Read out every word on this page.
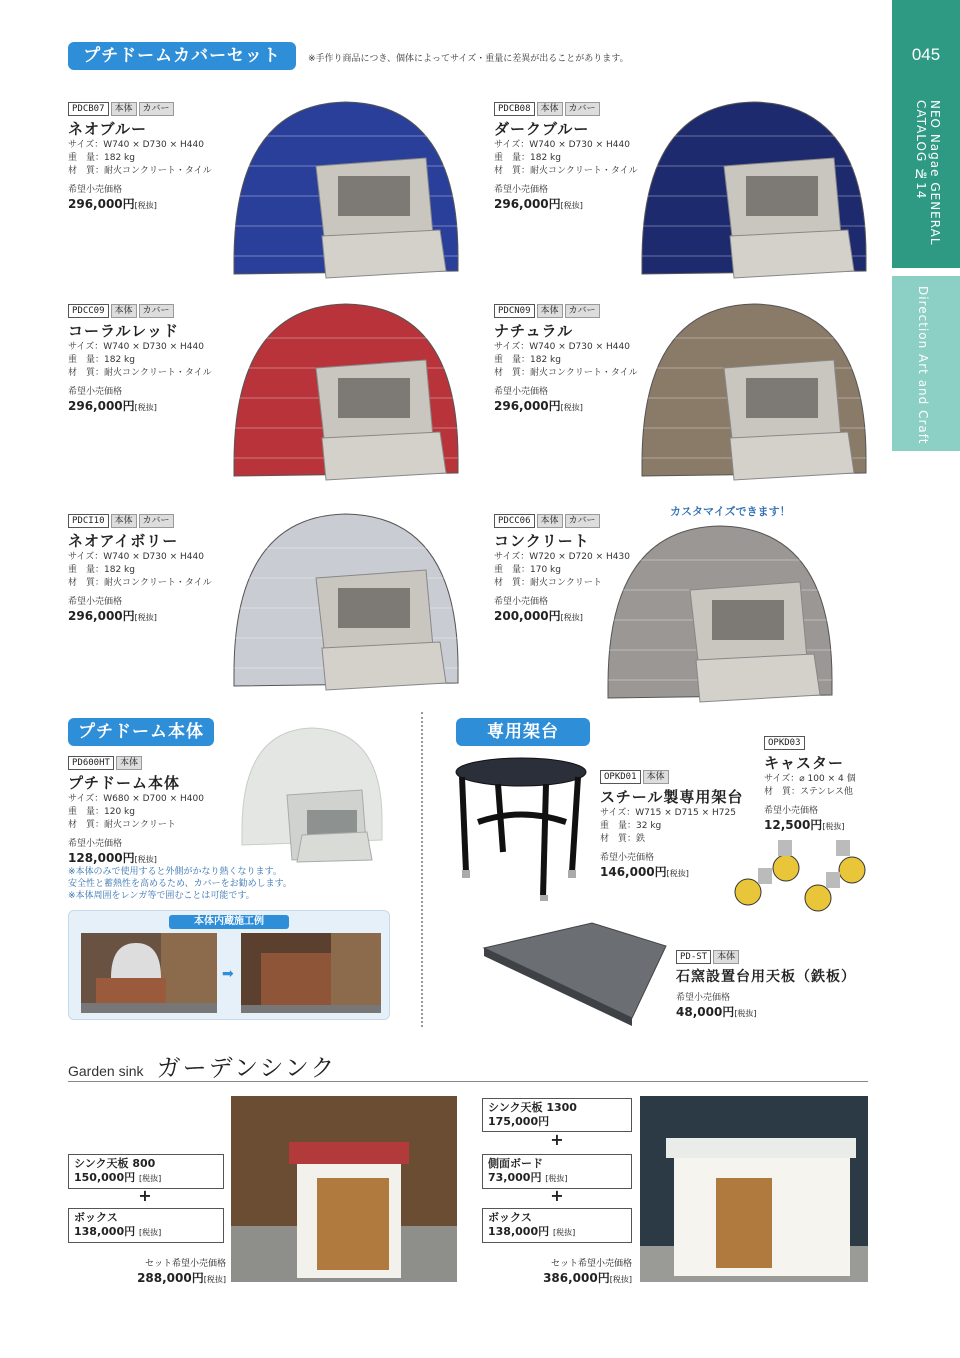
045
NEO Nagae GENERAL CATALOG №14
Direction Art and Craft
プチドームカバーセット	※手作り商品につき、個体によってサイズ・重量に差異が出ることがあります。
PDCB07 本体 カバー
ネオブルー
サイズ：W740 × D730 × H440
重　量：182 kg
材　質：耐火コンクリート・タイル
希望小売価格
296,000円[税抜]
PDCB08 本体 カバー
ダークブルー
サイズ：W740 × D730 × H440
重　量：182 kg
材　質：耐火コンクリート・タイル
希望小売価格
296,000円[税抜]
PDCC09 本体 カバー
コーラルレッド
サイズ：W740 × D730 × H440
重　量：182 kg
材　質：耐火コンクリート・タイル
希望小売価格
296,000円[税抜]
PDCN09 本体 カバー
ナチュラル
サイズ：W740 × D730 × H440
重　量：182 kg
材　質：耐火コンクリート・タイル
希望小売価格
296,000円[税抜]
PDCI10 本体 カバー
ネオアイボリー
サイズ：W740 × D730 × H440
重　量：182 kg
材　質：耐火コンクリート・タイル
希望小売価格
296,000円[税抜]
PDCC06 本体 カバー
コンクリート
サイズ：W720 × D720 × H430
重　量：170 kg
材　質：耐火コンクリート
希望小売価格
200,000円[税抜]
カスタマイズできます！
プチドーム本体
PD600HT 本体
プチドーム本体
サイズ：W680 × D700 × H400
重　量：120 kg
材　質：耐火コンクリート
希望小売価格
128,000円[税抜]
※本体のみで使用すると外側がかなり熱くなります。
安全性と蓄熱性を高めるため、カバーをお勧めします。
※本体周囲をレンガ等で囲むことは可能です。
本体内蔵施工例
➡
専用架台
OPKD01 本体
スチール製専用架台
サイズ：W715 × D715 × H725
重　量：32 kg
材　質：鉄
希望小売価格
146,000円[税抜]
OPKD03
キャスター
サイズ：⌀ 100 × 4 個
材　質：ステンレス他
希望小売価格
12,500円[税抜]
PD-ST 本体
石窯設置台用天板（鉄板）
希望小売価格
48,000円[税抜]
Garden sink ガーデンシンク
シンク天板 800
150,000円 [税抜]
+
ボックス
138,000円 [税抜]
セット希望小売価格
288,000円[税抜]
シンク天板 1300
175,000円
+
側面ボード
73,000円 [税抜]
+
ボックス
138,000円 [税抜]
セット希望小売価格
386,000円[税抜]
